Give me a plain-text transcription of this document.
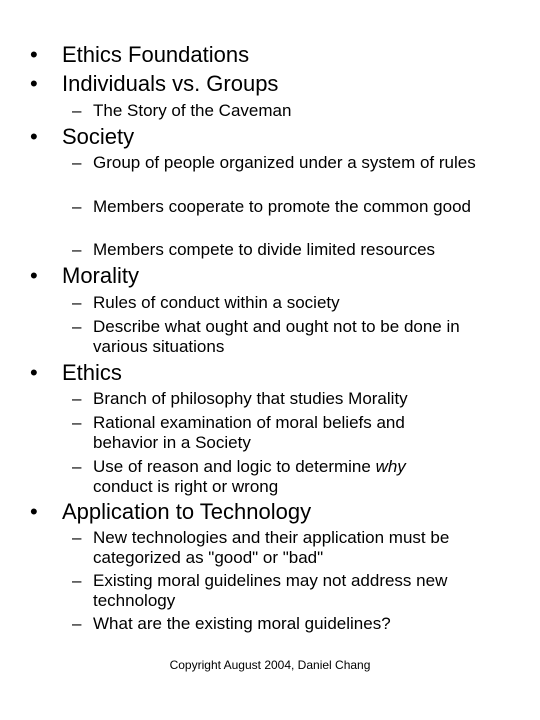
• Ethics Foundations
• Individuals vs. Groups
– The Story of the Caveman
• Society
– Group of people organized under a system of rules
– Members cooperate to promote the common good
– Members compete to divide limited resources
• Morality
– Rules of conduct within a society
– Describe what ought and ought not to be done in various situations
• Ethics
– Branch of philosophy that studies Morality
– Rational examination of moral beliefs and behavior in a Society
– Use of reason and logic to determine why conduct is right or wrong
• Application to Technology
– New technologies and their application must be categorized as "good" or "bad"
– Existing moral guidelines may not address new technology
– What are the existing moral guidelines?
Copyright August 2004, Daniel Chang
